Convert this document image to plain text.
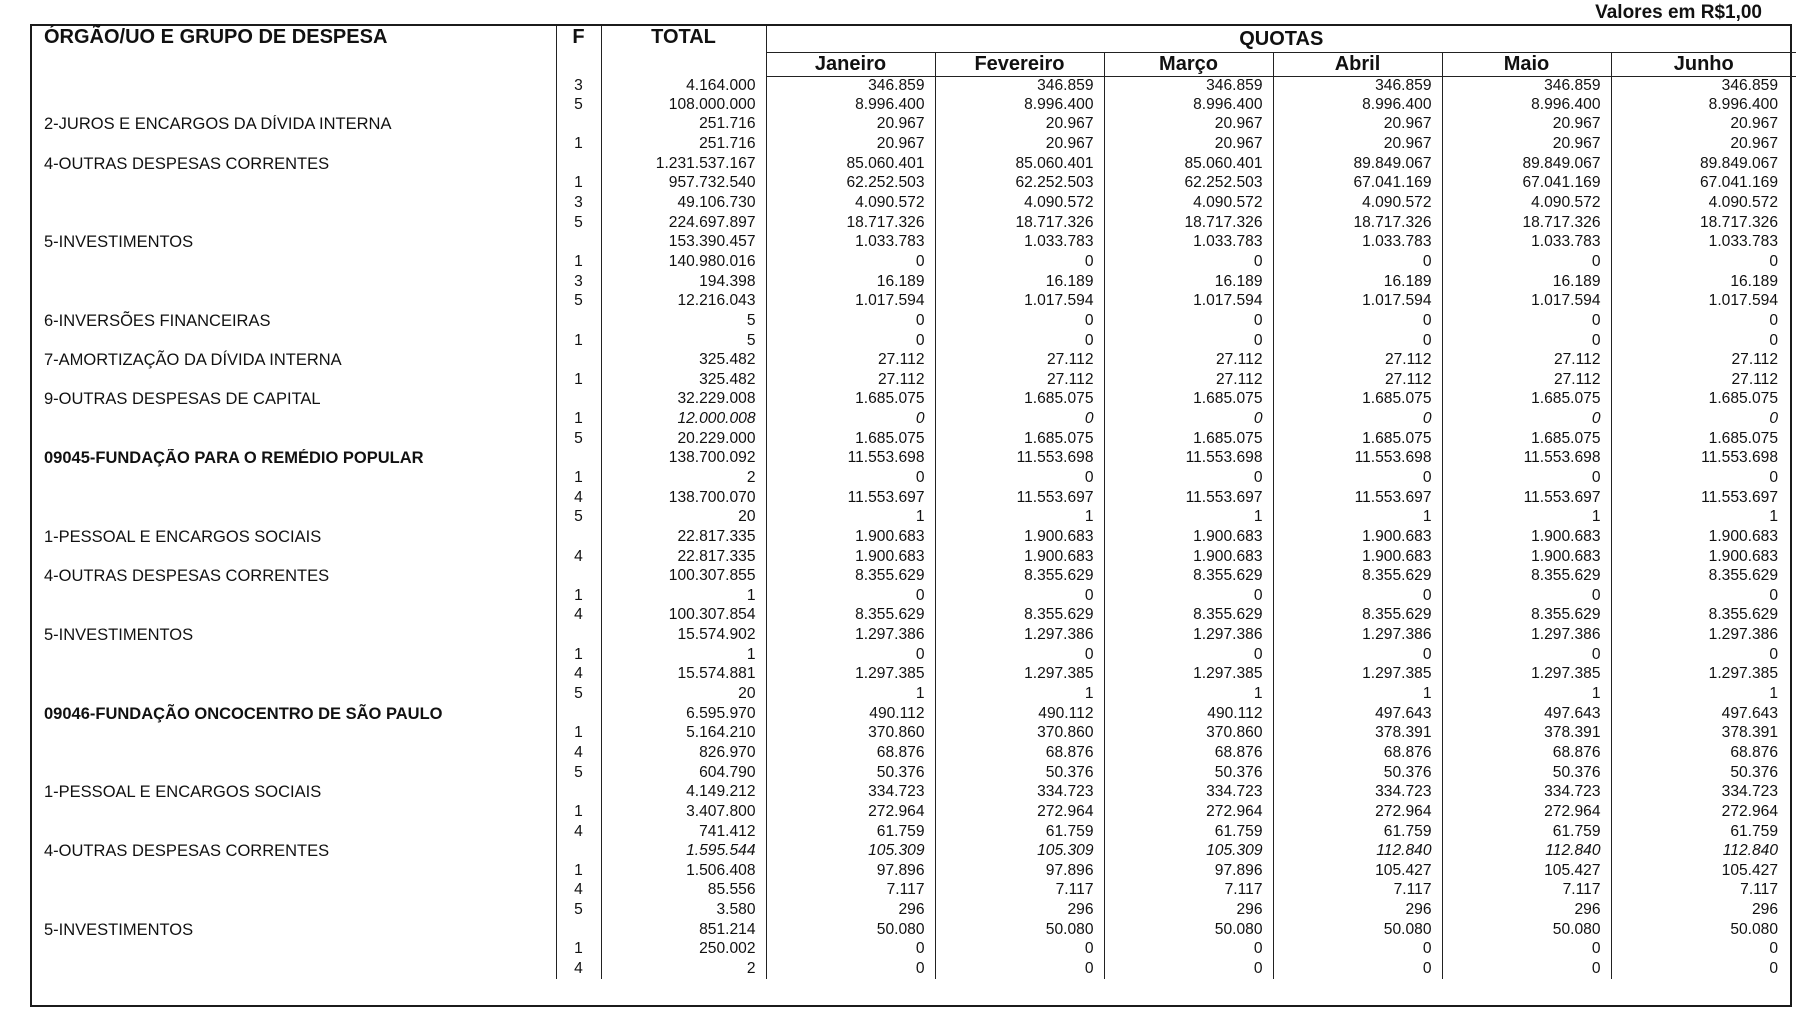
Valores em R$1,00
ÓRGÃO/UO E GRUPO DE DESPESA	F	TOTAL	QUOTAS					
			Janeiro	Fevereiro	Março	Abril	Maio	Junho
	3	4.164.000	346.859	346.859	346.859	346.859	346.859	346.859
	5	108.000.000	8.996.400	8.996.400	8.996.400	8.996.400	8.996.400	8.996.400
2-JUROS E ENCARGOS DA DÍVIDA INTERNA		251.716	20.967	20.967	20.967	20.967	20.967	20.967
	1	251.716	20.967	20.967	20.967	20.967	20.967	20.967
4-OUTRAS DESPESAS CORRENTES		1.231.537.167	85.060.401	85.060.401	85.060.401	89.849.067	89.849.067	89.849.067
	1	957.732.540	62.252.503	62.252.503	62.252.503	67.041.169	67.041.169	67.041.169
	3	49.106.730	4.090.572	4.090.572	4.090.572	4.090.572	4.090.572	4.090.572
	5	224.697.897	18.717.326	18.717.326	18.717.326	18.717.326	18.717.326	18.717.326
5-INVESTIMENTOS		153.390.457	1.033.783	1.033.783	1.033.783	1.033.783	1.033.783	1.033.783
	1	140.980.016	0	0	0	0	0	0
	3	194.398	16.189	16.189	16.189	16.189	16.189	16.189
	5	12.216.043	1.017.594	1.017.594	1.017.594	1.017.594	1.017.594	1.017.594
6-INVERSÕES FINANCEIRAS		5	0	0	0	0	0	0
	1	5	0	0	0	0	0	0
7-AMORTIZAÇÃO DA DÍVIDA INTERNA		325.482	27.112	27.112	27.112	27.112	27.112	27.112
	1	325.482	27.112	27.112	27.112	27.112	27.112	27.112
9-OUTRAS DESPESAS DE CAPITAL		32.229.008	1.685.075	1.685.075	1.685.075	1.685.075	1.685.075	1.685.075
	1	12.000.008	0	0	0	0	0	0
	5	20.229.000	1.685.075	1.685.075	1.685.075	1.685.075	1.685.075	1.685.075
09045-FUNDAÇÃO PARA O REMÉDIO POPULAR		138.700.092	11.553.698	11.553.698	11.553.698	11.553.698	11.553.698	11.553.698
	1	2	0	0	0	0	0	0
	4	138.700.070	11.553.697	11.553.697	11.553.697	11.553.697	11.553.697	11.553.697
	5	20	1	1	1	1	1	1
1-PESSOAL E ENCARGOS SOCIAIS		22.817.335	1.900.683	1.900.683	1.900.683	1.900.683	1.900.683	1.900.683
	4	22.817.335	1.900.683	1.900.683	1.900.683	1.900.683	1.900.683	1.900.683
4-OUTRAS DESPESAS CORRENTES		100.307.855	8.355.629	8.355.629	8.355.629	8.355.629	8.355.629	8.355.629
	1	1	0	0	0	0	0	0
	4	100.307.854	8.355.629	8.355.629	8.355.629	8.355.629	8.355.629	8.355.629
5-INVESTIMENTOS		15.574.902	1.297.386	1.297.386	1.297.386	1.297.386	1.297.386	1.297.386
	1	1	0	0	0	0	0	0
	4	15.574.881	1.297.385	1.297.385	1.297.385	1.297.385	1.297.385	1.297.385
	5	20	1	1	1	1	1	1
09046-FUNDAÇÃO ONCOCENTRO DE SÃO PAULO		6.595.970	490.112	490.112	490.112	497.643	497.643	497.643
	1	5.164.210	370.860	370.860	370.860	378.391	378.391	378.391
	4	826.970	68.876	68.876	68.876	68.876	68.876	68.876
	5	604.790	50.376	50.376	50.376	50.376	50.376	50.376
1-PESSOAL E ENCARGOS SOCIAIS		4.149.212	334.723	334.723	334.723	334.723	334.723	334.723
	1	3.407.800	272.964	272.964	272.964	272.964	272.964	272.964
	4	741.412	61.759	61.759	61.759	61.759	61.759	61.759
4-OUTRAS DESPESAS CORRENTES		1.595.544	105.309	105.309	105.309	112.840	112.840	112.840
	1	1.506.408	97.896	97.896	97.896	105.427	105.427	105.427
	4	85.556	7.117	7.117	7.117	7.117	7.117	7.117
	5	3.580	296	296	296	296	296	296
5-INVESTIMENTOS		851.214	50.080	50.080	50.080	50.080	50.080	50.080
	1	250.002	0	0	0	0	0	0
	4	2	0	0	0	0	0	0
